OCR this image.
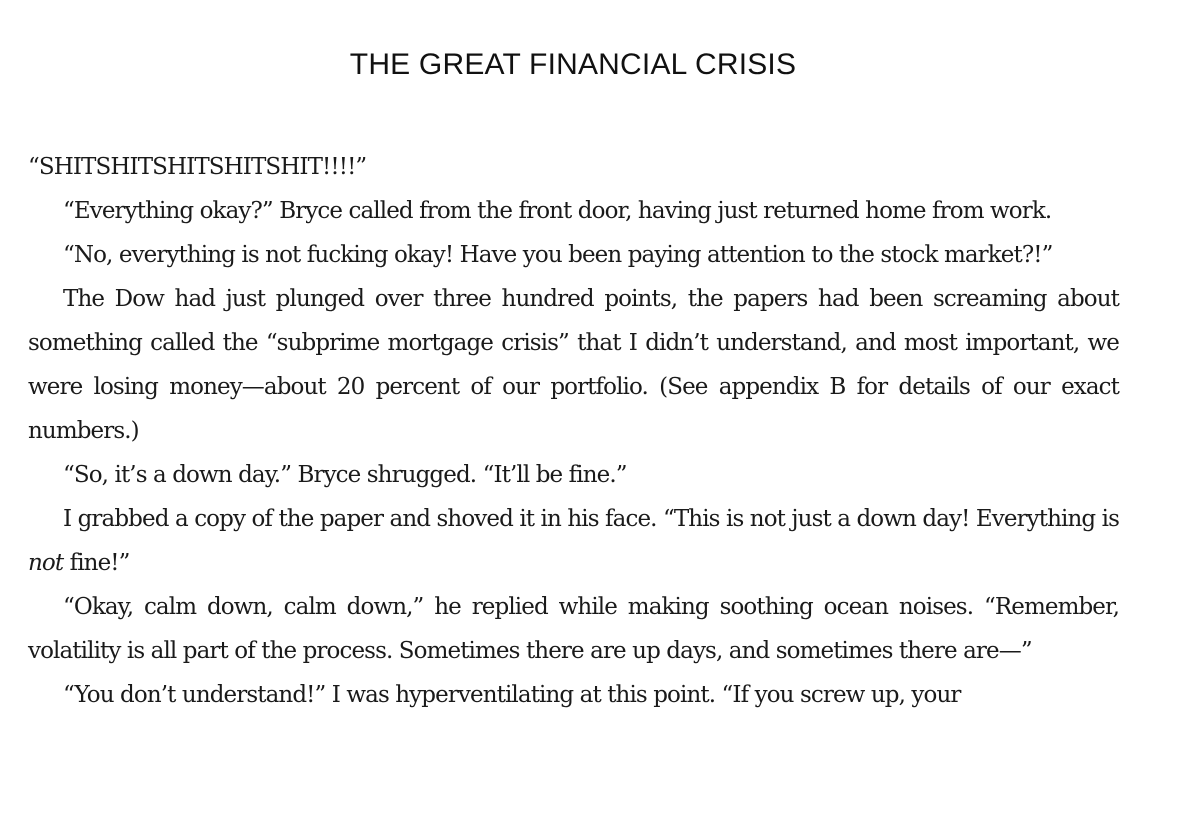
THE GREAT FINANCIAL CRISIS

“SHITSHITSHITSHITSHIT!!!!”

“Everything okay?” Bryce called from the front door, having just returned home from work.

“No, everything is not fucking okay! Have you been paying attention to the stock market?!”

The Dow had just plunged over three hundred points, the papers had been screaming about something called the “subprime mortgage crisis” that I didn’t understand, and most important, we were losing money—about 20 percent of our portfolio. (See appendix B for details of our exact numbers.)

“So, it’s a down day.” Bryce shrugged. “It’ll be fine.”

I grabbed a copy of the paper and shoved it in his face. “This is not just a down day! Everything is not fine!”

“Okay, calm down, calm down,” he replied while making soothing ocean noises. “Remember, volatility is all part of the process. Sometimes there are up days, and sometimes there are—”

“You don’t understand!” I was hyperventilating at this point. “If you screw up, your
